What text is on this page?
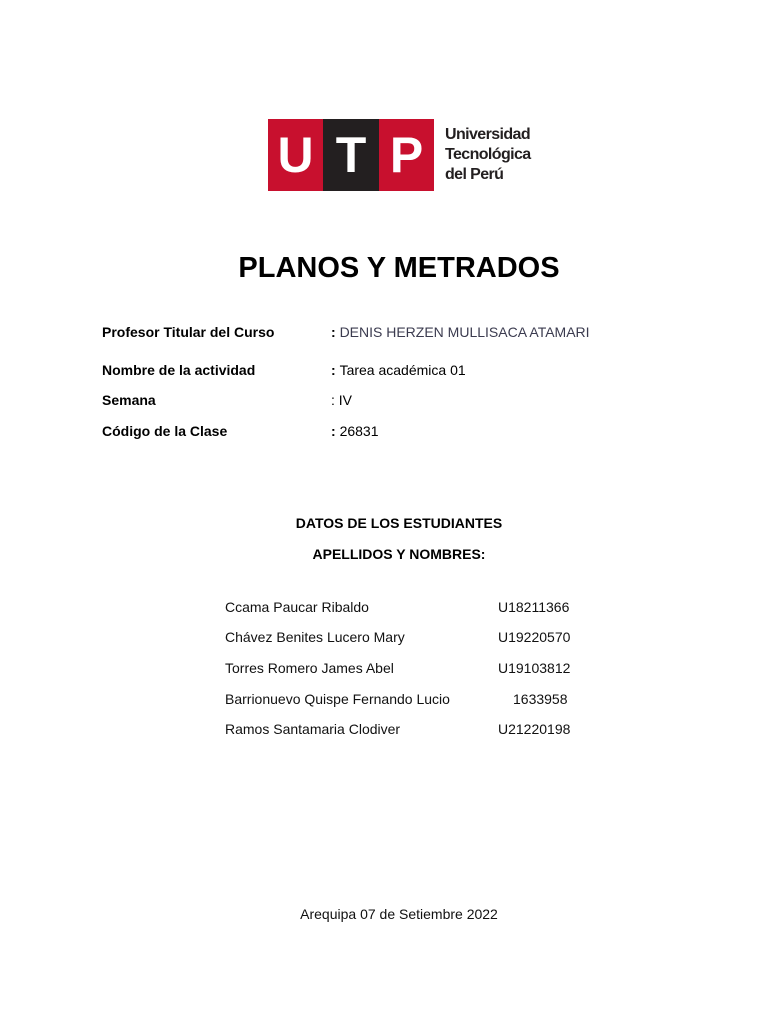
U T P	Universidad
Tecnológica
del Perú
PLANOS Y METRADOS
Profesor Titular del Curso	: DENIS HERZEN MULLISACA ATAMARI
Nombre de la actividad	: Tarea académica 01
Semana	: IV
Código de la Clase	: 26831
DATOS DE LOS ESTUDIANTES
APELLIDOS Y NOMBRES:
Ccama Paucar Ribaldo	U18211366
Chávez Benites Lucero Mary	U19220570
Torres Romero James Abel	U19103812
Barrionuevo Quispe Fernando Lucio	1633958
Ramos Santamaria Clodiver	U21220198
Arequipa 07 de Setiembre 2022
